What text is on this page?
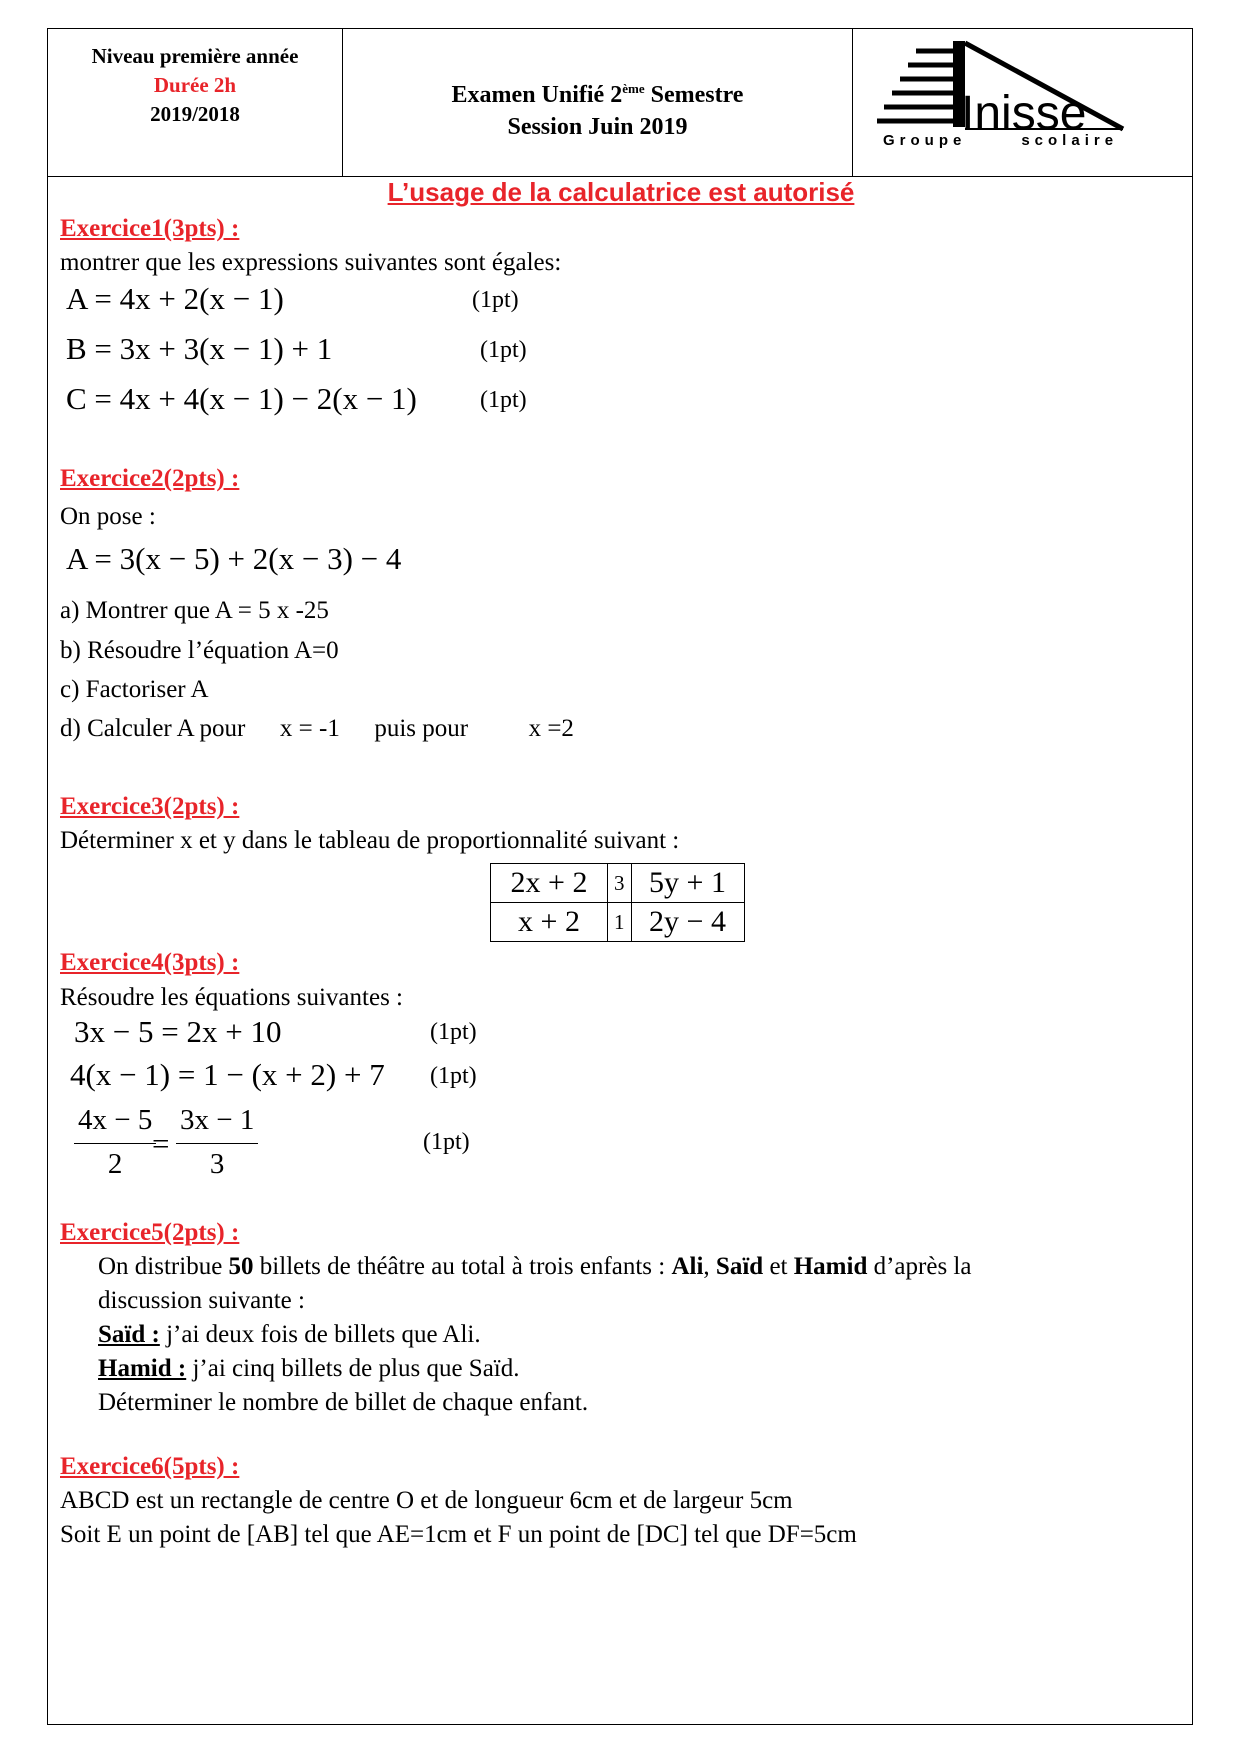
Niveau première année
Durée 2h
2019/2018
Examen Unifié 2ème Semestre
Session Juin 2019	Inisse
Groupe      scolaire
L’usage de la calculatrice est autorisé
Exercice1(3pts) :
montrer que les expressions suivantes sont égales:
A = 4x + 2(x − 1)	(1pt)
B = 3x + 3(x − 1) + 1	(1pt)
C = 4x + 4(x − 1) − 2(x − 1)	(1pt)
Exercice2(2pts) :
On pose :
A = 3(x − 5) + 2(x − 3) − 4
a) Montrer que A = 5 x -25
b) Résoudre l’équation A=0
c) Factoriser A
d) Calculer A pour x = -1 puis pour x =2
Exercice3(2pts) :
Déterminer x et y dans le tableau de proportionnalité suivant :
2x + 2	3	5y + 1
x + 2	1	2y − 4
Exercice4(3pts) :
Résoudre les équations suivantes :
3x − 5 = 2x + 10	(1pt)
4(x − 1) = 1 − (x + 2) + 7 (1pt)
$\frac{4x - 5}{2}$
= $\frac{3x - 1}{3}$	(1pt)
Exercice5(2pts) :
On distribue 50 billets de théâtre au total à trois enfants : Ali, Saïd et Hamid d’après la
discussion suivante :
Saïd : j’ai deux fois de billets que Ali.
Hamid : j’ai cinq billets de plus que Saïd.
Déterminer le nombre de billet de chaque enfant.
Exercice6(5pts) :
ABCD est un rectangle de centre O et de longueur 6cm et de largeur 5cm
Soit E un point de [AB] tel que AE=1cm et F un point de [DC] tel que DF=5cm
